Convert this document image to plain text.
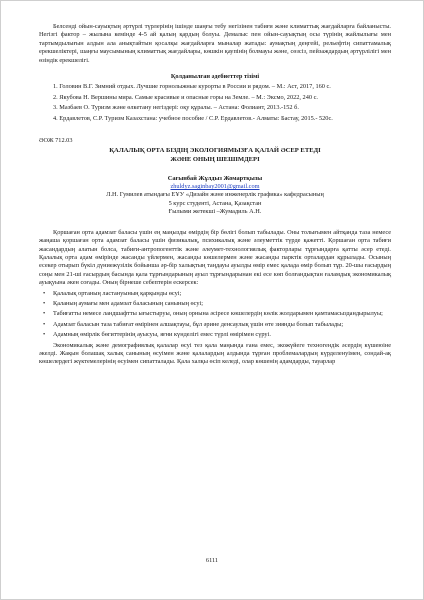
Белсенді ойын-сауықтың әртүрлі түрлерінің ішінде шаңғы тебу негізінен табиғи және климаттық жағдайларға байланысты. Негізгі фактор – жылына кемінде 4-5 ай қалың қардың болуы. Демалыс пен ойын-сауықтың осы түрінің жайлылығы мен тартымдылығын алдын ала анықтайтын қосалқы жағдайларға мыналар жатады: аумақтың деңгейі, рельефтің сипаттамалық ерекшеліктері, шаңғы маусымының климаттық жағдайлары, көшкін қаупінің болмауы және, сөзсіз, пейзаждардың әртүрлілігі мен өзіндік ерекшелігі.

Қолданылған әдебиеттер тізімі

1. Головин В.Г. Зимний отдых. Лучшие горнолыжные курорты в России и рядом. – М.: Аст, 2017, 160 с.

2. Якубова Н. Вершины мира. Самые красивые и опасные горы на Земле. – М.: Эксмо, 2022, 240 с.

3. Мазбаев О. Туризм және өлкетану негіздері: оқу құралы. – Астана: Фолиант, 2013.-152 б.

4. Ердавлетов, С.Р. Туризм Казахстана: учебное пособие / С.Р. Ердавлетов.- Алматы: Бастау, 2015.- 520с.

ӘОЖ 712.03

ҚАЛАЛЫҚ ОРТА БІЗДІҢ ЭКОЛОГИЯМЫЗҒА ҚАЛАЙ ӘСЕР ЕТЕДІ

ЖӘНЕ ОНЫҢ ШЕШІМДЕРІ

Сағынбай Жұлдыз Жомартқызы

zhuldyz.saginbay2001@gmail.com

Л.Н. Гумилев атындағы ЕҰУ «Дизайн және инженерлік графика» кафедрасының

5 курс студенті, Астана, Қазақстан

Ғылыми жетекші –Жумадиль А.Н.

Қоршаған орта адамзат баласы үшін ең маңызды өмірдің бір бөлігі болып табылады. Оны толығымен айтқанда таза немесе жаңаша қоршаған орта адамзат баласы үшін физикалық, психикалық және әлеуметтік түрде қажетті. Қоршаған орта табиғи жасандардың алатын болса, табиғи-антропогенттік және әлеумет-технологиялық факторлары тұрғындарға қатты әсер етеді. Қалалық орта адам өмірінде жасанды үйлермен, жасанды көшелермен және жасанды парктік орталардан құрылады. Осының есекер отырып бүкіл дүниежүзілік бойынша әр-бір халықтың таңдауы ауылды өмір емес қалада өмір болып тұр. 20-шы ғасырдың соңы мен 21-ші ғасырдың басында қала тұрғындарының ауыл тұрғындарынан екі есе көп болғандықтан ғаламдық экономикалық ауықуына әкен соғады. Оның бірнеше себептерін ескерсек:

• Қалалық ортаның ластануының қарқынды өсуі;

• Қаланың аумағы мен адамзат баласының санының өсуі;

• Табиғатты немесе ландшафтты ығыстыруы, оның орнына әсіресе көшелердің көлік жолдарымен қамтамасыздандырылуы;

• Адамзат баласын таза табиғат өмірінен алшақтауы, бұл әрине денсаулық үшін өте зиянды болып табылады;

• Адамның өмірлік бөгиттерінің ауысуы, яғни күнделігі емес түрлі өмірімен сүруі.

Экономикалық және демографиялық қалалар өсуі тез қала маңында ғана емес, экожүйеге техногендік әсердің күшеюіне әкелді. Жақын болашақ халық санының өсуімен және қалалардың алдында тұрған проблемалардың күрделенуімен, сондай-ақ көшелердегі жүктемелерінің өсуімен сипатталады. Қала халқы өсіп келеді, олар көшенің адамдарды, тауарлар

6111
